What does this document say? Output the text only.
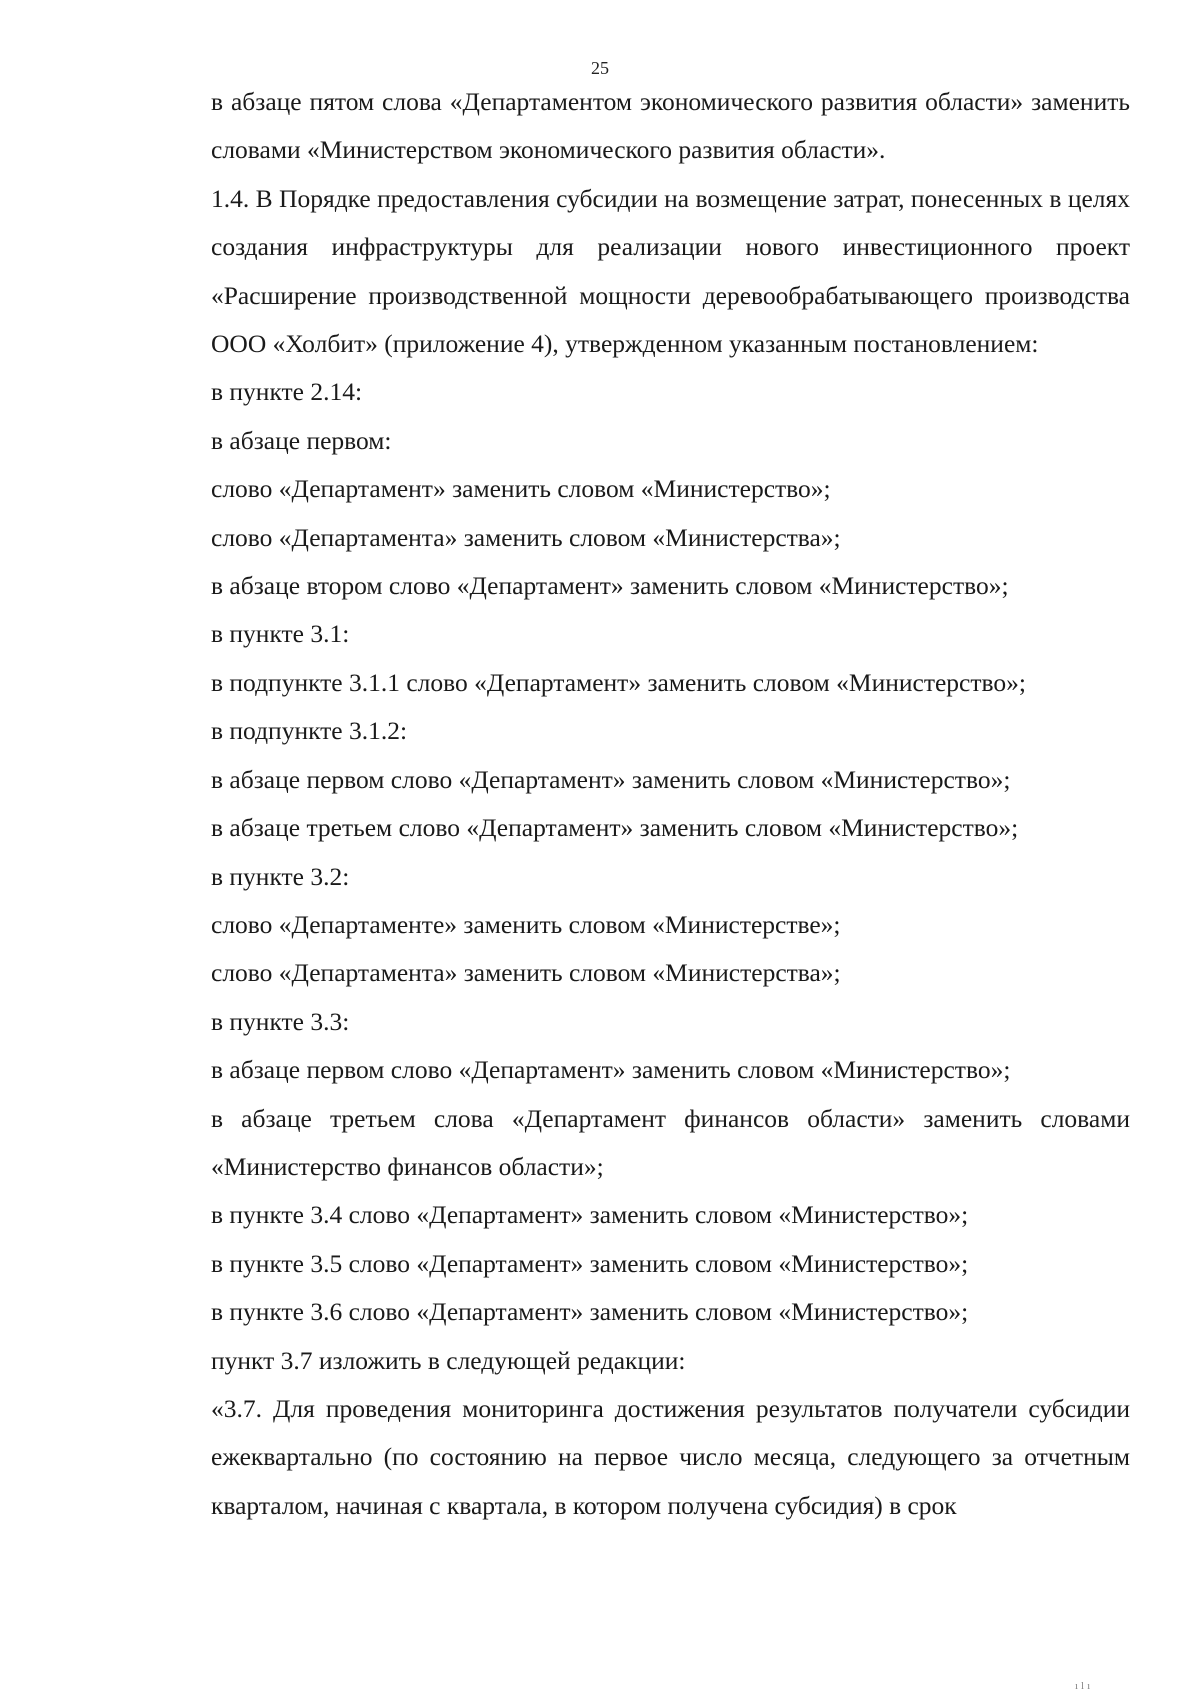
25

в абзаце пятом слова «Департаментом экономического развития области» заменить словами «Министерством экономического развития области».

1.4. В Порядке предоставления субсидии на возмещение затрат, понесенных в целях создания инфраструктуры для реализации нового инвестиционного проект «Расширение производственной мощности деревообрабатывающего производства ООО «Холбит» (приложение 4), утвержденном указанным постановлением:

в пункте 2.14:

в абзаце первом:

слово «Департамент» заменить словом «Министерство»;

слово «Департамента» заменить словом «Министерства»;

в абзаце втором слово «Департамент» заменить словом «Министерство»;

в пункте 3.1:

в подпункте 3.1.1 слово «Департамент» заменить словом «Министерство»;

в подпункте 3.1.2:

в абзаце первом слово «Департамент» заменить словом «Министерство»;

в абзаце третьем слово «Департамент» заменить словом «Министерство»;

в пункте 3.2:

слово «Департаменте» заменить словом «Министерстве»;

слово «Департамента» заменить словом «Министерства»;

в пункте 3.3:

в абзаце первом слово «Департамент» заменить словом «Министерство»;

в абзаце третьем слова «Департамент финансов области» заменить словами «Министерство финансов области»;

в пункте 3.4 слово «Департамент» заменить словом «Министерство»;

в пункте 3.5 слово «Департамент» заменить словом «Министерство»;

в пункте 3.6 слово «Департамент» заменить словом «Министерство»;

пункт 3.7 изложить в следующей редакции:

«3.7. Для проведения мониторинга достижения результатов получатели субсидии ежеквартально (по состоянию на первое число месяца, следующего за отчетным кварталом, начиная с квартала, в котором получена субсидия) в срок

ılı
